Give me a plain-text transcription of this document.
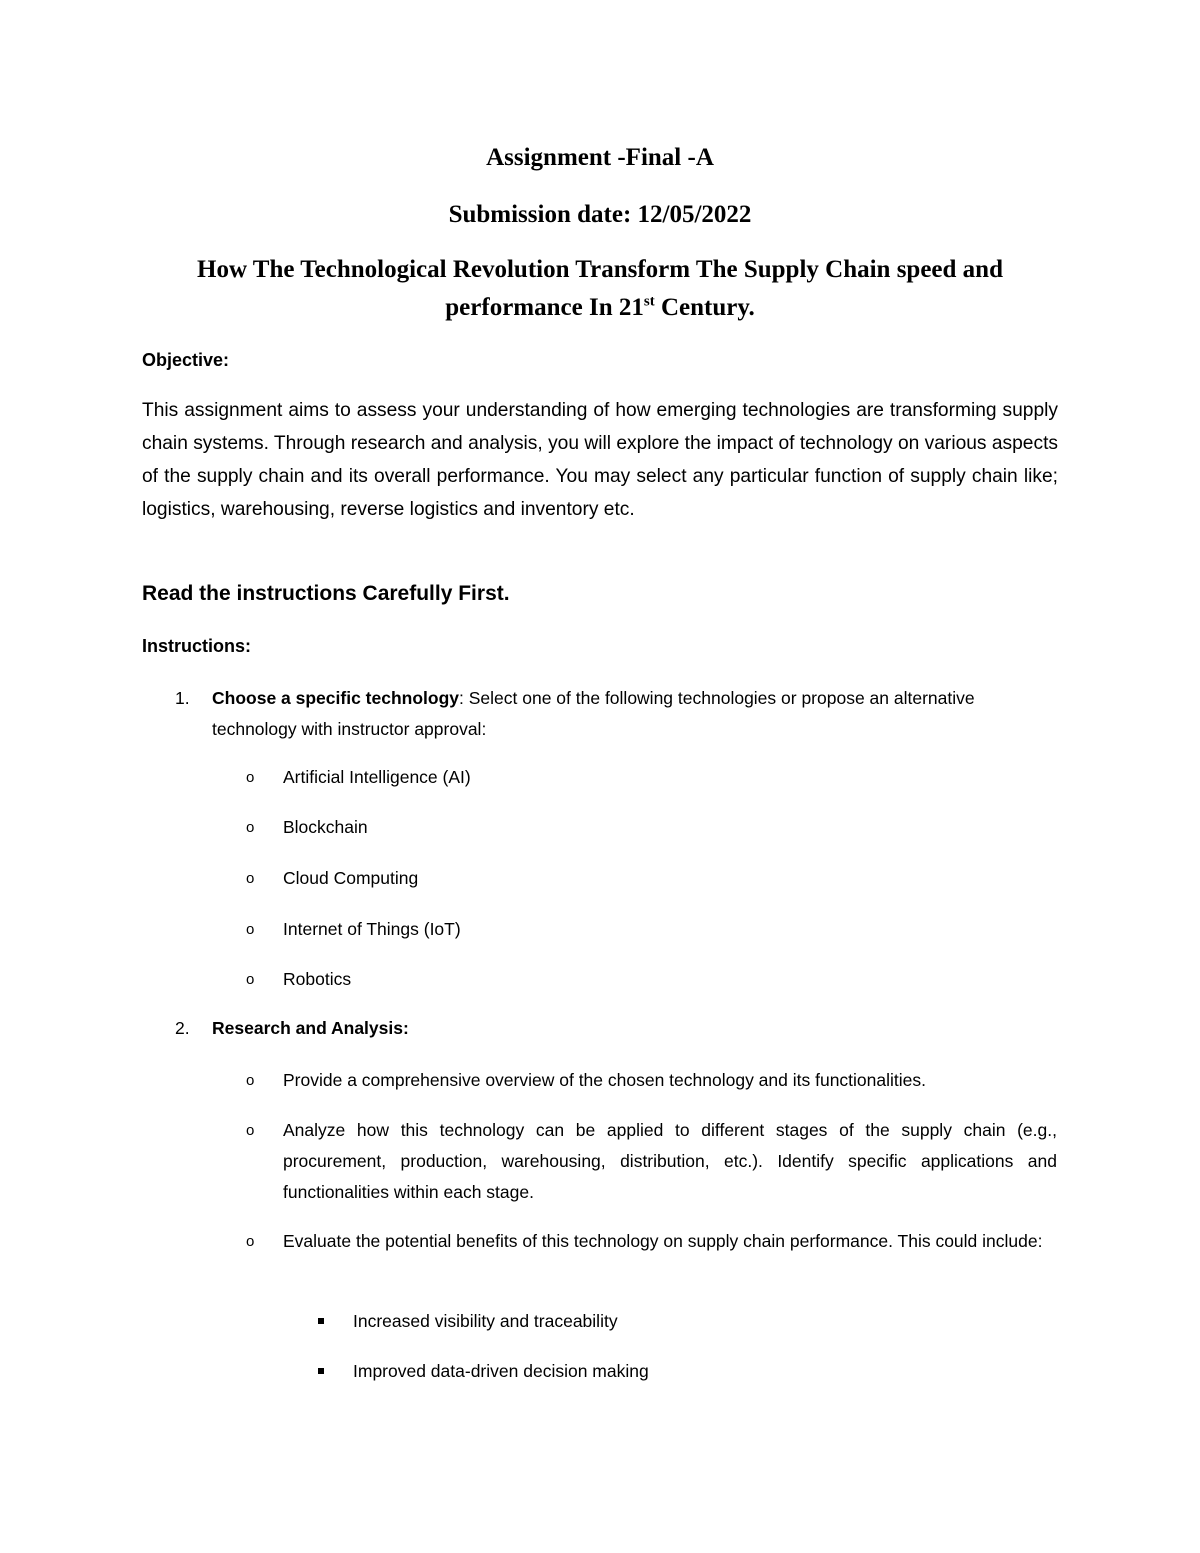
Assignment -Final -A

Submission date: 12/05/2022

How The Technological Revolution Transform The Supply Chain speed and

performance In 21st Century.

Objective:

This assignment aims to assess your understanding of how emerging technologies are transforming supply chain systems. Through research and analysis, you will explore the impact of technology on various aspects of the supply chain and its overall performance. You may select any particular function of supply chain like; logistics, warehousing, reverse logistics and inventory etc.

Read the instructions Carefully First.

Instructions:

1. Choose a specific technology: Select one of the following technologies or propose an alternative technology with instructor approval:

o Artificial Intelligence (AI)
o Blockchain
o Cloud Computing
o Internet of Things (IoT)
o Robotics
2. Research and Analysis:
o Provide a comprehensive overview of the chosen technology and its functionalities.

o Analyze how this technology can be applied to different stages of the supply chain (e.g., procurement, production, warehousing, distribution, etc.). Identify specific applications and functionalities within each stage.

o Evaluate the potential benefits of this technology on supply chain performance. This could include:

Increased visibility and traceability
Improved data-driven decision making
